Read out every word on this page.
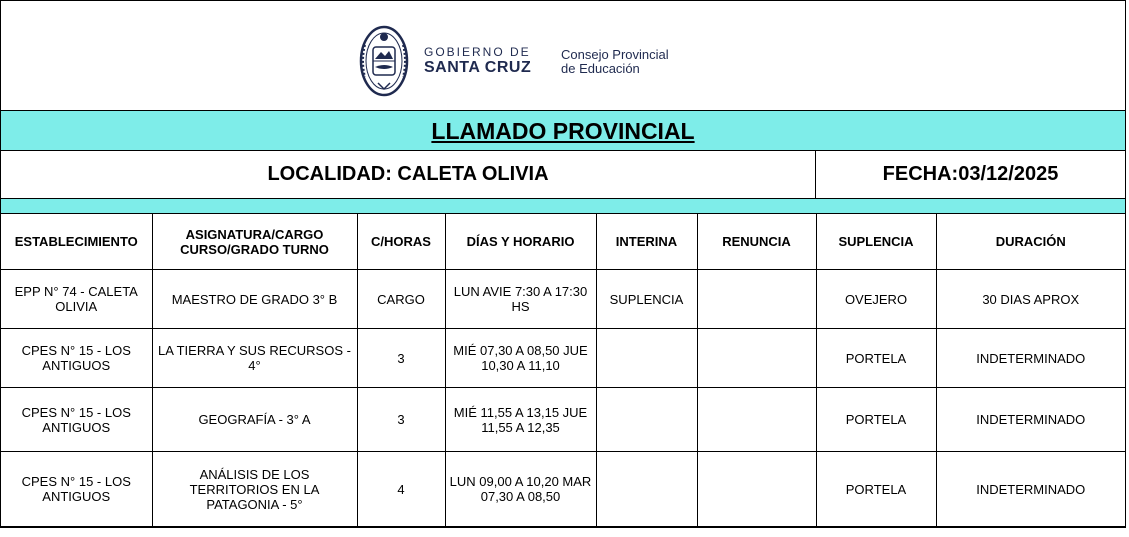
GOBIERNO DE
SANTA CRUZ
Consejo Provincial
de Educación
LLAMADO PROVINCIAL
LOCALIDAD: CALETA OLIVIA	FECHA:03/12/2025
ESTABLECIMIENTO	ASIGNATURA/CARGO CURSO/GRADO TURNO	C/HORAS	DÍAS Y HORARIO	INTERINA	RENUNCIA	SUPLENCIA	DURACIÓN
EPP N° 74 - CALETA OLIVIA	MAESTRO DE GRADO 3° B	CARGO	LUN AVIE 7:30 A 17:30 HS	SUPLENCIA		OVEJERO	30 DIAS APROX
CPES N° 15 - LOS ANTIGUOS	LA TIERRA Y SUS RECURSOS - 4°	3	MIÉ 07,30 A 08,50 JUE 10,30 A 11,10			PORTELA	INDETERMINADO
CPES N° 15 - LOS ANTIGUOS	GEOGRAFÍA - 3° A	3	MIÉ 11,55 A 13,15 JUE 11,55 A 12,35			PORTELA	INDETERMINADO
CPES N° 15 - LOS ANTIGUOS	ANÁLISIS DE LOS TERRITORIOS EN LA PATAGONIA - 5°	4	LUN 09,00 A 10,20 MAR 07,30 A 08,50			PORTELA	INDETERMINADO
